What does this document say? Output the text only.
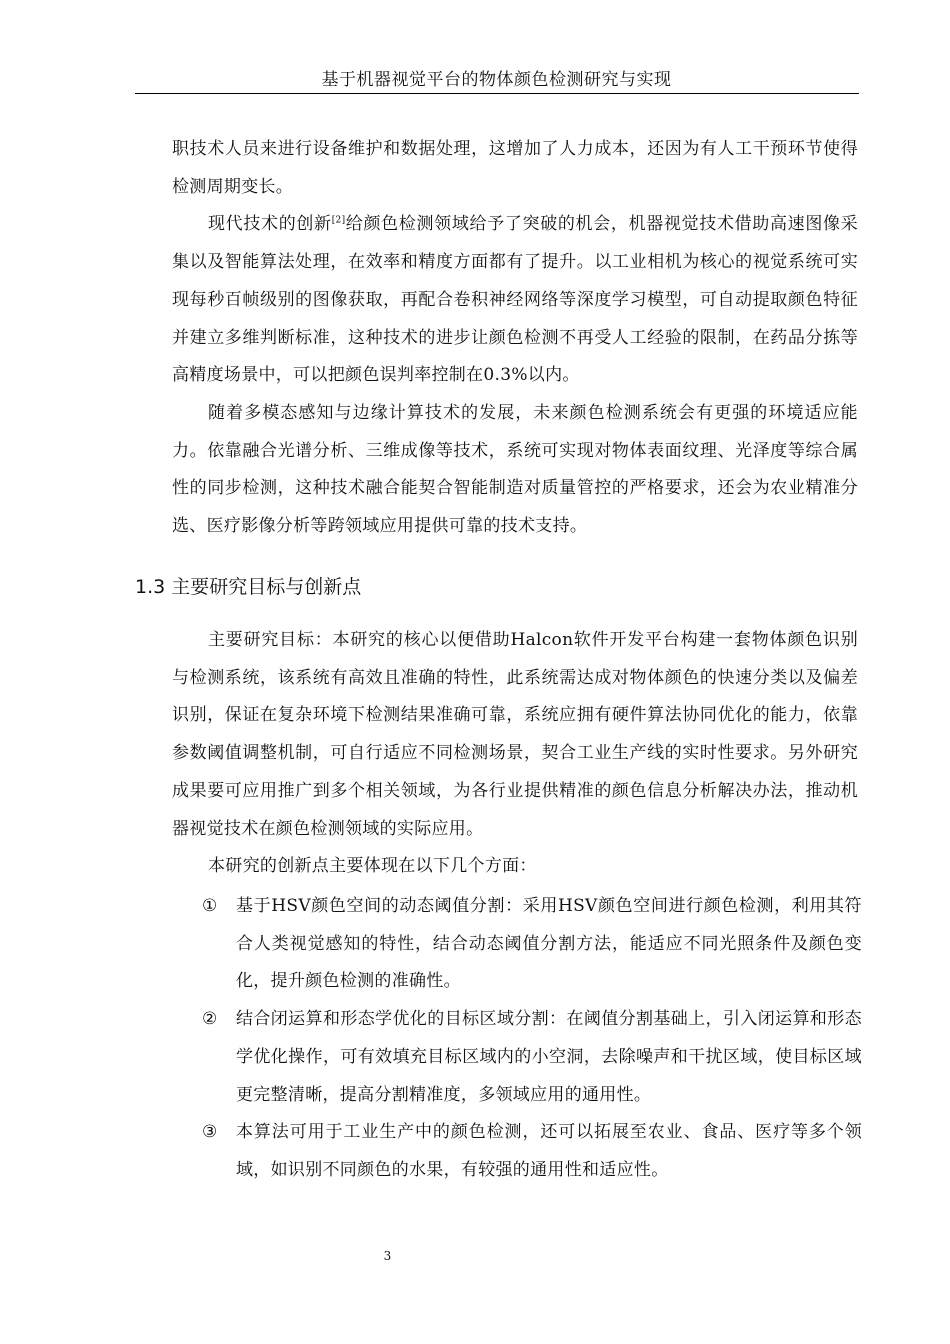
基于机器视觉平台的物体颜色检测研究与实现

职技术人员来进行设备维护和数据处理，这增加了人力成本，还因为有人工干预环节使得检测周期变长。

现代技术的创新[2]给颜色检测领域给予了突破的机会，机器视觉技术借助高速图像采集以及智能算法处理，在效率和精度方面都有了提升。以工业相机为核心的视觉系统可实现每秒百帧级别的图像获取，再配合卷积神经网络等深度学习模型，可自动提取颜色特征并建立多维判断标准，这种技术的进步让颜色检测不再受人工经验的限制，在药品分拣等高精度场景中，可以把颜色误判率控制在0.3%以内。

随着多模态感知与边缘计算技术的发展，未来颜色检测系统会有更强的环境适应能力。依靠融合光谱分析、三维成像等技术，系统可实现对物体表面纹理、光泽度等综合属性的同步检测，这种技术融合能契合智能制造对质量管控的严格要求，还会为农业精准分选、医疗影像分析等跨领域应用提供可靠的技术支持。

1.3 主要研究目标与创新点

主要研究目标：本研究的核心以便借助Halcon软件开发平台构建一套物体颜色识别与检测系统，该系统有高效且准确的特性，此系统需达成对物体颜色的快速分类以及偏差识别，保证在复杂环境下检测结果准确可靠，系统应拥有硬件算法协同优化的能力，依靠参数阈值调整机制，可自行适应不同检测场景，契合工业生产线的实时性要求。另外研究成果要可应用推广到多个相关领域，为各行业提供精准的颜色信息分析解决办法，推动机器视觉技术在颜色检测领域的实际应用。

本研究的创新点主要体现在以下几个方面：

① 基于HSV颜色空间的动态阈值分割：采用HSV颜色空间进行颜色检测，利用其符合人类视觉感知的特性，结合动态阈值分割方法，能适应不同光照条件及颜色变化，提升颜色检测的准确性。
② 结合闭运算和形态学优化的目标区域分割：在阈值分割基础上，引入闭运算和形态学优化操作，可有效填充目标区域内的小空洞，去除噪声和干扰区域，使目标区域更完整清晰，提高分割精准度，多领域应用的通用性。
③ 本算法可用于工业生产中的颜色检测，还可以拓展至农业、食品、医疗等多个领域，如识别不同颜色的水果，有较强的通用性和适应性。
3
